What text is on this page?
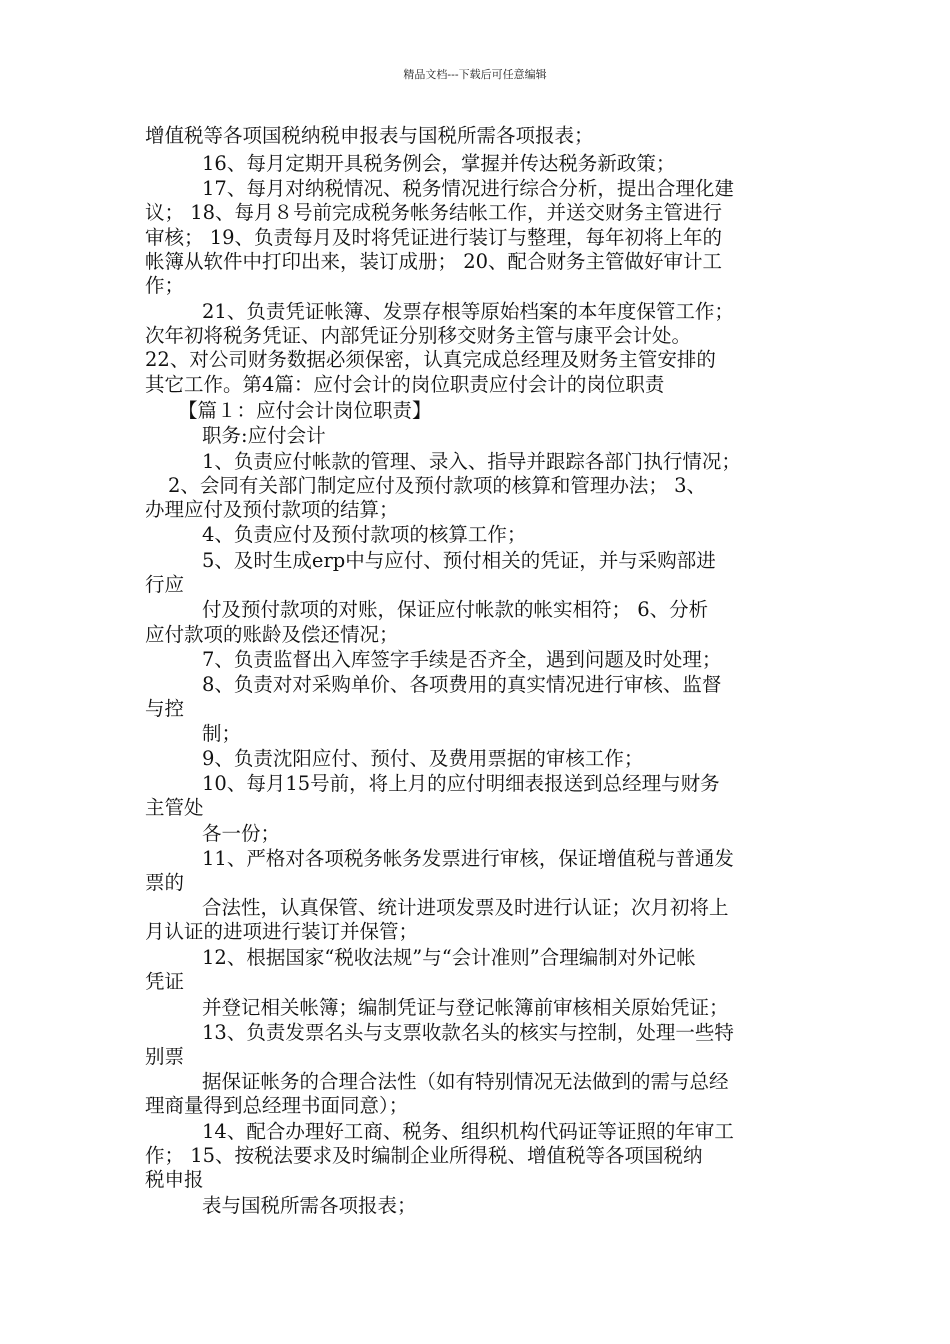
精品文档---下载后可任意编辑
增值税等各项国税纳税申报表与国税所需各项报表；
16、每月定期开具税务例会，掌握并传达税务新政策；
17、每月对纳税情况、税务情况进行综合分析，提出合理化建
议； 18、每月８号前完成税务帐务结帐工作，并送交财务主管进行
审核； 19、负责每月及时将凭证进行装订与整理，每年初将上年的
帐簿从软件中打印出来，装订成册； 20、配合财务主管做好审计工
作；
21、负责凭证帐簿、发票存根等原始档案的本年度保管工作；
次年初将税务凭证、内部凭证分别移交财务主管与康平会计处。
22、对公司财务数据必须保密，认真完成总经理及财务主管安排的
其它工作。第4篇：应付会计的岗位职责应付会计的岗位职责
【篇１：应付会计岗位职责】
职务:应付会计
1、负责应付帐款的管理、录入、指导并跟踪各部门执行情况；
2、会同有关部门制定应付及预付款项的核算和管理办法； 3、
办理应付及预付款项的结算；
4、负责应付及预付款项的核算工作；
5、及时生成erp中与应付、预付相关的凭证，并与采购部进
行应
付及预付款项的对账，保证应付帐款的帐实相符； 6、分析
应付款项的账龄及偿还情况；
7、负责监督出入库签字手续是否齐全，遇到问题及时处理；
8、负责对对采购单价、各项费用的真实情况进行审核、监督
与控
制；
9、负责沈阳应付、预付、及费用票据的审核工作；
10、每月15号前，将上月的应付明细表报送到总经理与财务
主管处
各一份；
11、严格对各项税务帐务发票进行审核，保证增值税与普通发
票的
合法性，认真保管、统计进项发票及时进行认证；次月初将上
月认证的进项进行装订并保管；
12、根据国家“税收法规”与“会计准则”合理编制对外记帐
凭证
并登记相关帐簿；编制凭证与登记帐簿前审核相关原始凭证；
13、负责发票名头与支票收款名头的核实与控制，处理一些特
别票
据保证帐务的合理合法性（如有特别情况无法做到的需与总经
理商量得到总经理书面同意）；
14、配合办理好工商、税务、组织机构代码证等证照的年审工
作； 15、按税法要求及时编制企业所得税、增值税等各项国税纳
税申报
表与国税所需各项报表；
